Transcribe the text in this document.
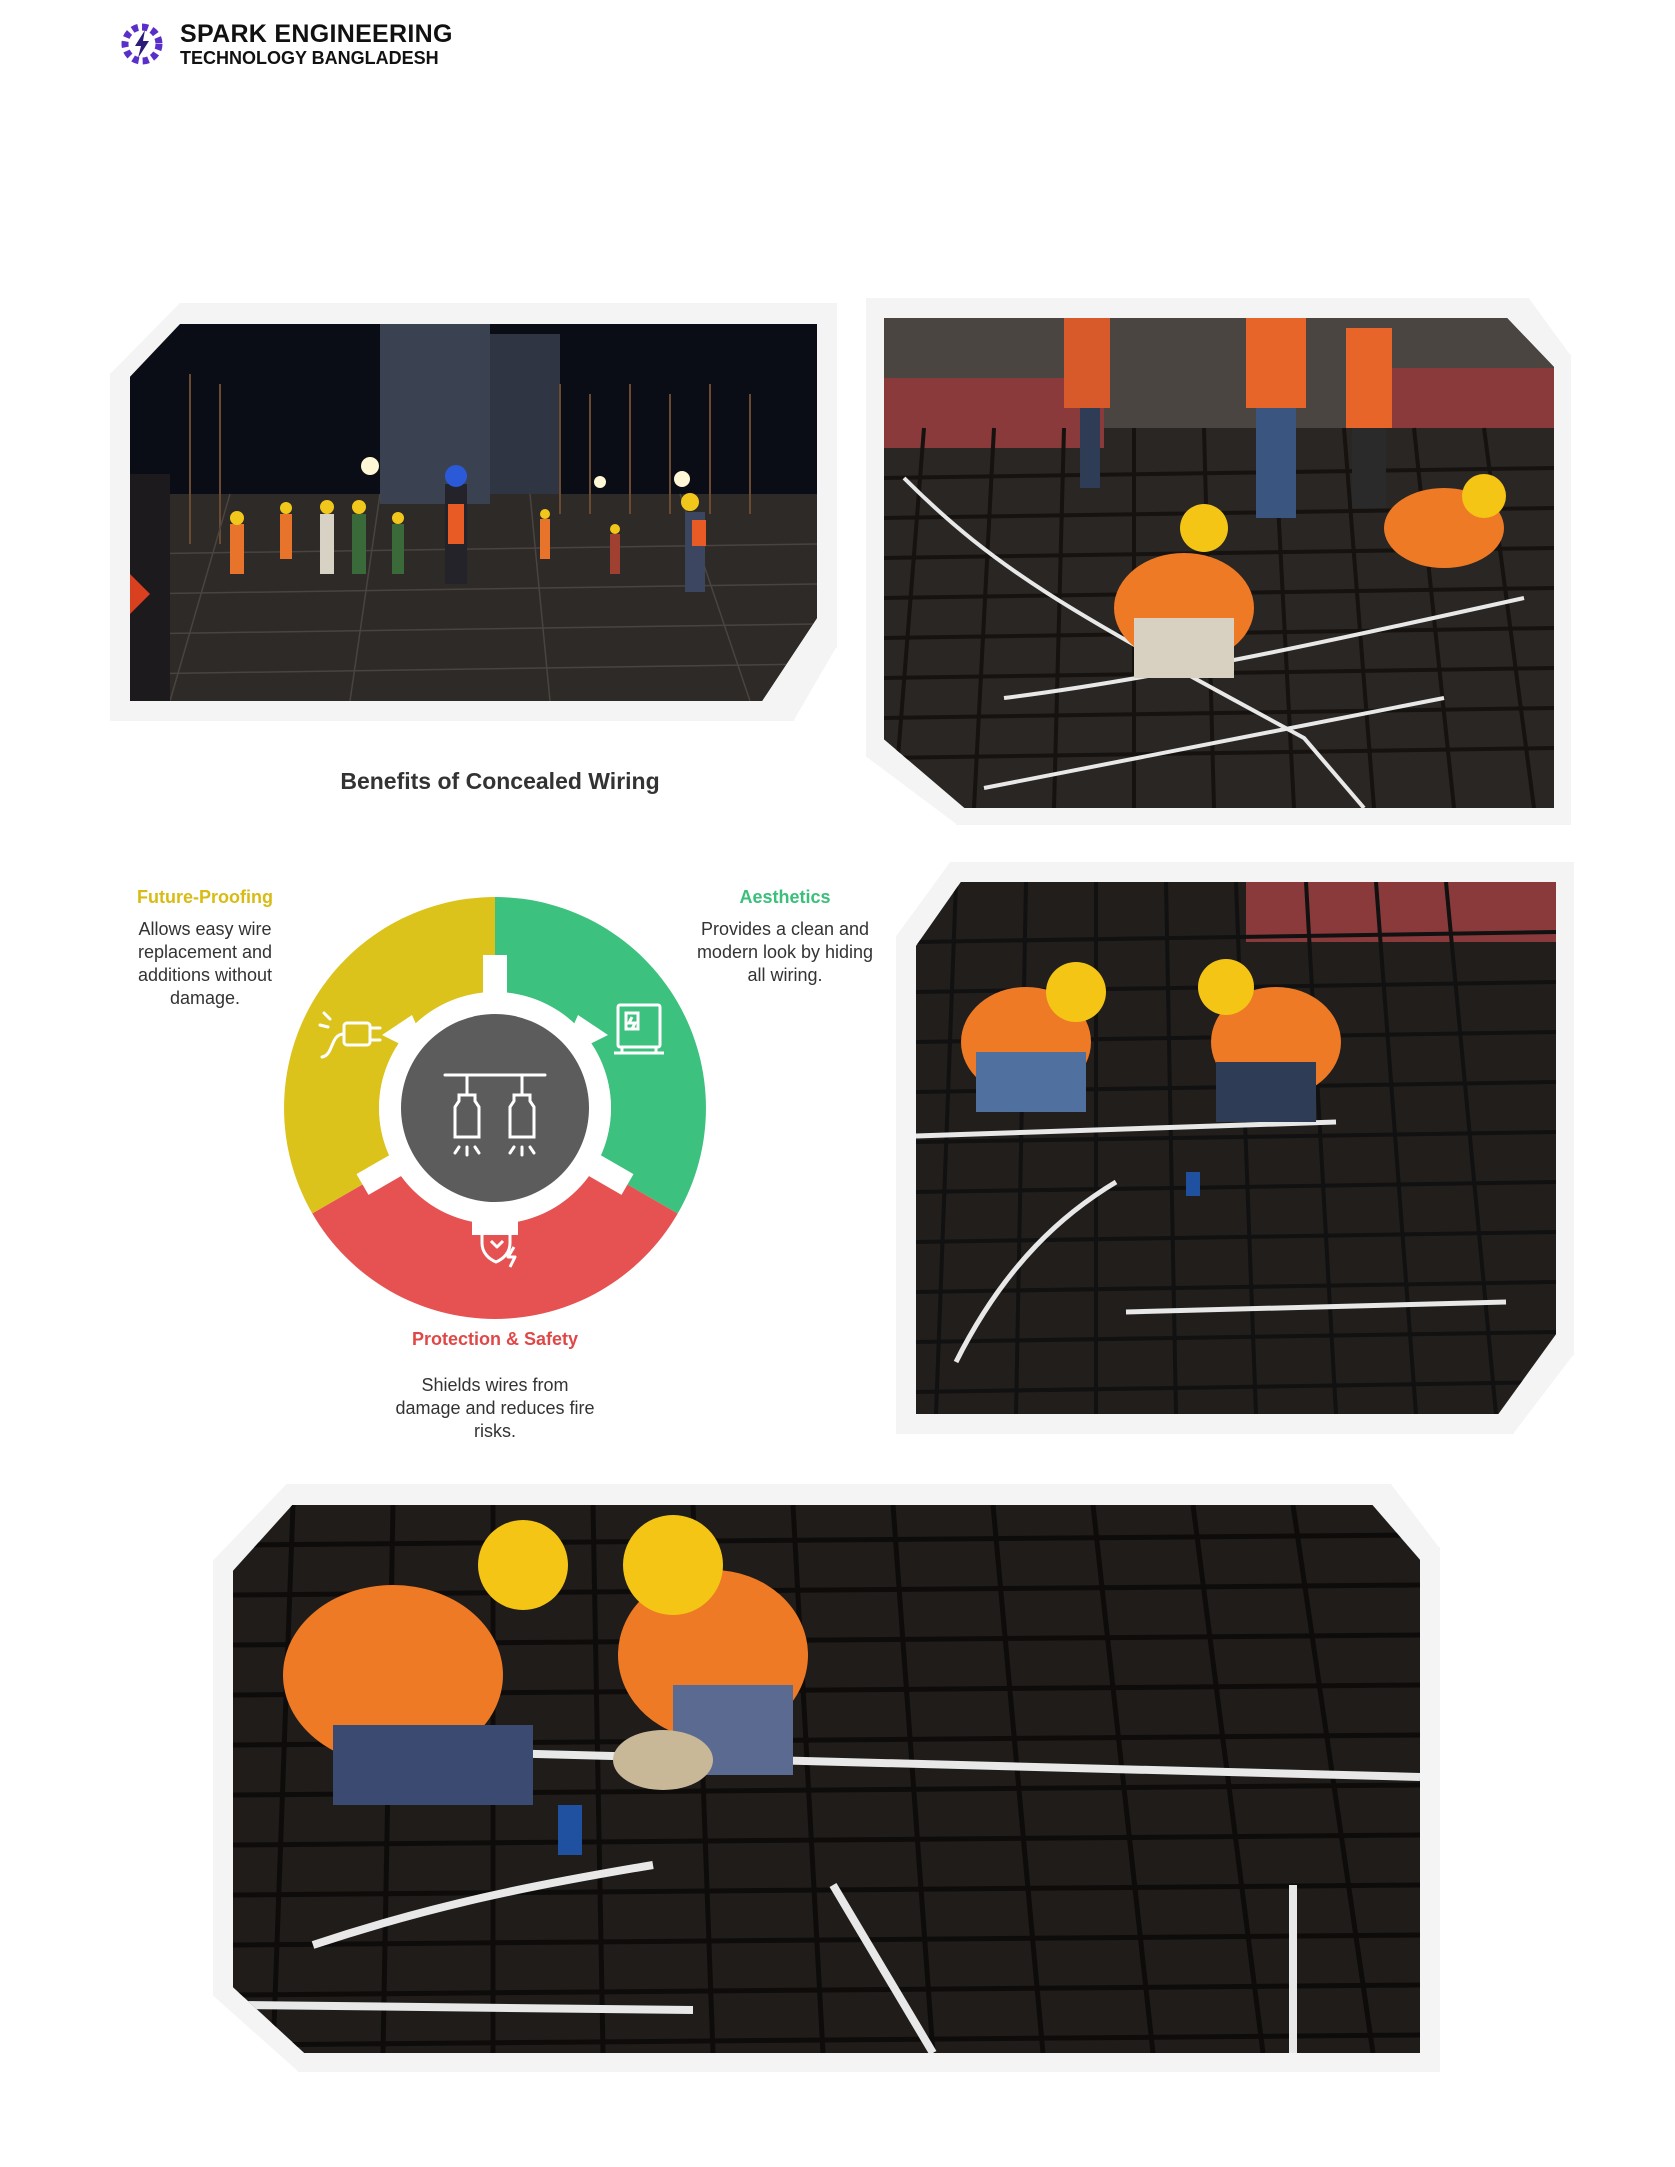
SPARK ENGINEERING
TECHNOLOGY BANGLADESH
Benefits of Concealed Wiring
Future-Proofing
Allows easy wire replacement and additions without damage.
Aesthetics
Provides a clean and modern look by hiding all wiring.
Protection & Safety
Shields wires from damage and reduces fire risks.
